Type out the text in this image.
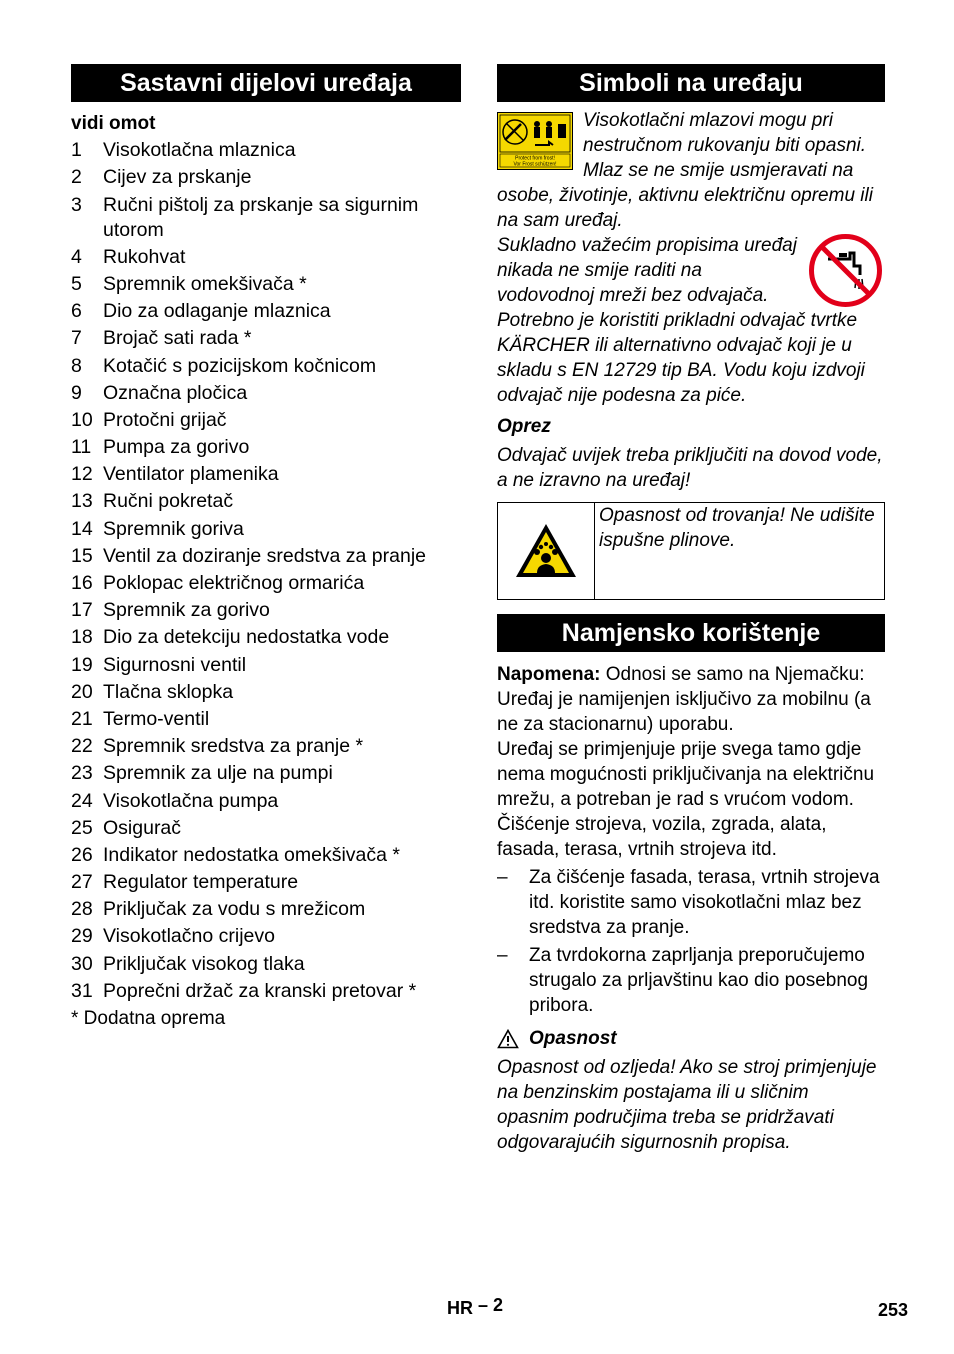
Sastavni dijelovi uređaja
vidi omot
1	Visokotlačna mlaznica
2	Cijev za prskanje
3	Ručni pištolj za prskanje sa sigurnim utorom
4	Rukohvat
5	Spremnik omekšivača *
6	Dio za odlaganje mlaznica
7	Brojač sati rada *
8	Kotačić s pozicijskom kočnicom
9	Označna pločica
10 Protočni grijač
11 Pumpa za gorivo
12 Ventilator plamenika
13 Ručni pokretač
14 Spremnik goriva
15 Ventil za doziranje sredstva za pranje
16 Poklopac električnog ormarića
17 Spremnik za gorivo
18 Dio za detekciju nedostatka vode
19 Sigurnosni ventil
20 Tlačna sklopka
21 Termo-ventil
22 Spremnik sredstva za pranje *
23 Spremnik za ulje na pumpi
24 Visokotlačna pumpa
25 Osigurač
26 Indikator nedostatka omekšivača *
27 Regulator temperature
28 Priključak za vodu s mrežicom
29 Visokotlačno crijevo
30 Priključak visokog tlaka
31 Poprečni držač za kranski pretovar *
* Dodatna oprema
Simboli na uređaju
Protect from frost!
Vor Frost schützen!
Visokotlačni mlazovi mogu pri nestručnom rukovanju biti opasni. Mlaz se ne smije usmjeravati na osobe, životinje, aktivnu električnu opremu ili na sam uređaj.
Sukladno važećim propisima uređaj nikada ne smije raditi na vodovodnoj mreži bez odvajača. Potrebno je koristiti prikladni odvajač tvrtke KÄRCHER ili alternativno odvajač koji je u skladu s EN 12729 tip BA. Vodu koju izdvoji odvajač nije podesna za piće.
Oprez
Odvajač uvijek treba priključiti na dovod vode, a ne izravno na uređaj!
Opasnost od trovanja! Ne udišite ispušne plinove.
Namjensko korištenje
Napomena: Odnosi se samo na Njemačku: Uređaj je namijenjen isključivo za mobilnu (a ne za stacionarnu) uporabu.
Uređaj se primjenjuje prije svega tamo gdje nema mogućnosti priključivanja na električnu mrežu, a potreban je rad s vrućom vodom.
Čišćenje strojeva, vozila, zgrada, alata, fasada, terasa, vrtnih strojeva itd.
–	Za čišćenje fasada, terasa, vrtnih strojeva itd. koristite samo visokotlačni mlaz bez sredstva za pranje.
–	Za tvrdokorna zaprljanja preporučujemo strugalo za prljavštinu kao dio posebnog pribora.
Opasnost
Opasnost od ozljeda! Ako se stroj primjenjuje na benzinskim postajama ili u sličnim opasnim područjima treba se pridržavati odgovarajućih sigurnosnih propisa.
HR – 2	253
